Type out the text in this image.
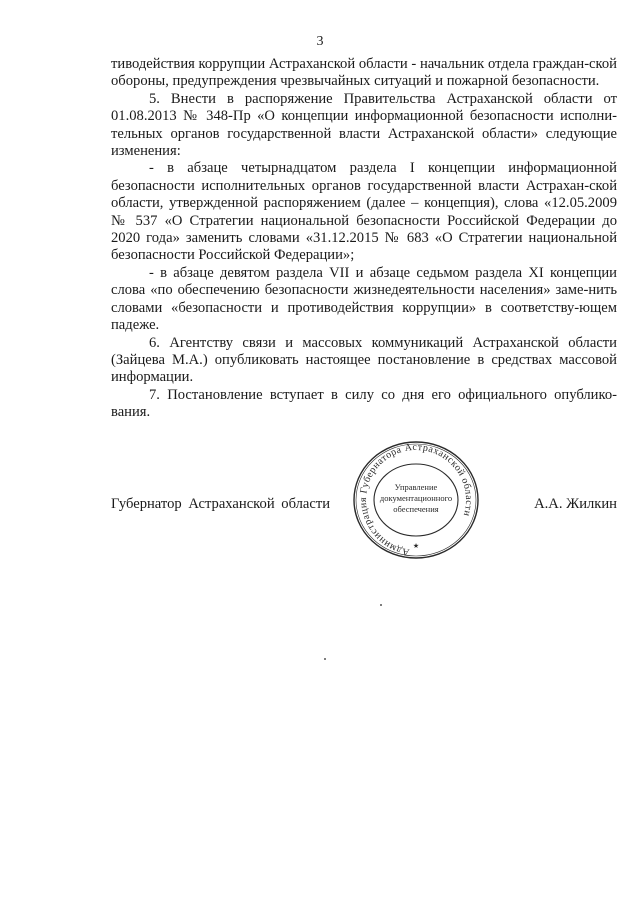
3

тиводействия коррупции Астраханской области - начальник отдела граждан-ской обороны, предупреждения чрезвычайных ситуаций и пожарной безопасности.

5. Внести в распоряжение Правительства Астраханской области от 01.08.2013 № 348-Пр «О концепции информационной безопасности исполни-тельных органов государственной власти Астраханской области» следующие изменения:

- в абзаце четырнадцатом раздела I концепции информационной безопасности исполнительных органов государственной власти Астрахан-ской области, утвержденной распоряжением (далее – концепция), слова «12.05.2009 № 537 «О Стратегии национальной безопасности Российской Федерации до 2020 года» заменить словами «31.12.2015 № 683 «О Стратегии национальной безопасности Российской Федерации»;

- в абзаце девятом раздела VII и абзаце седьмом раздела XI концепции слова «по обеспечению безопасности жизнедеятельности населения» заме-нить словами «безопасности и противодействия коррупции» в соответству-ющем падеже.

6. Агентству связи и массовых коммуникаций Астраханской области (Зайцева М.А.) опубликовать настоящее постановление в средствах массовой информации.

7. Постановление вступает в силу со дня его официального опублико-вания.

Губернатор Астраханской области	А.А. Жилкин
Администрация Губернатора Астраханской области
Управление
документационного
обеспечения
★
